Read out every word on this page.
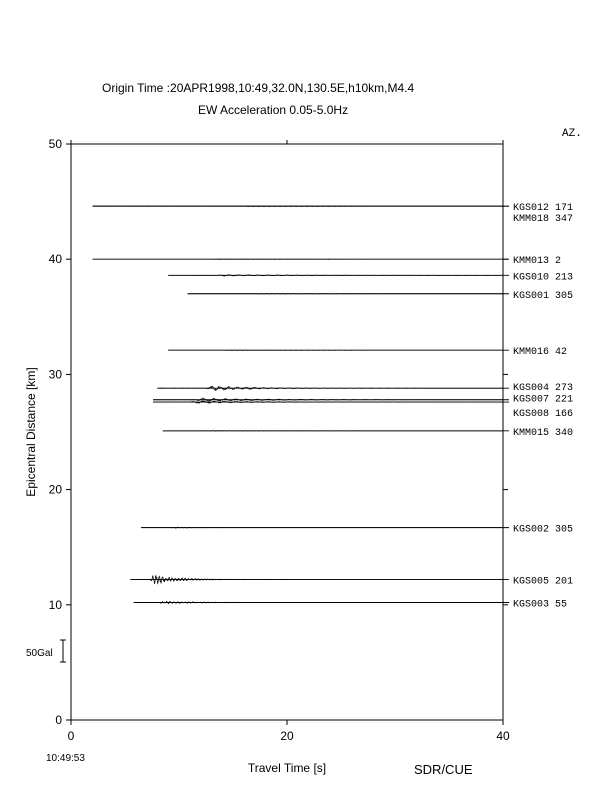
Origin Time :20APR1998,10:49,32.0N,130.5E,h10km,M4.4
EW Acceleration 0.05-5.0Hz
AZ.
0
10
20
30
40
50
0	20	40
Epicentral Distance [km]
Travel Time [s]
10:49:53
SDR/CUE
50Gal
KGS012 171
KMM018 347
KMM013 2
KGS010 213
KGS001 305
KMM016 42
KGS004 273
KGS007 221
KGS008 166
KMM015 340
KGS002 305
KGS005 201
KGS003 55
